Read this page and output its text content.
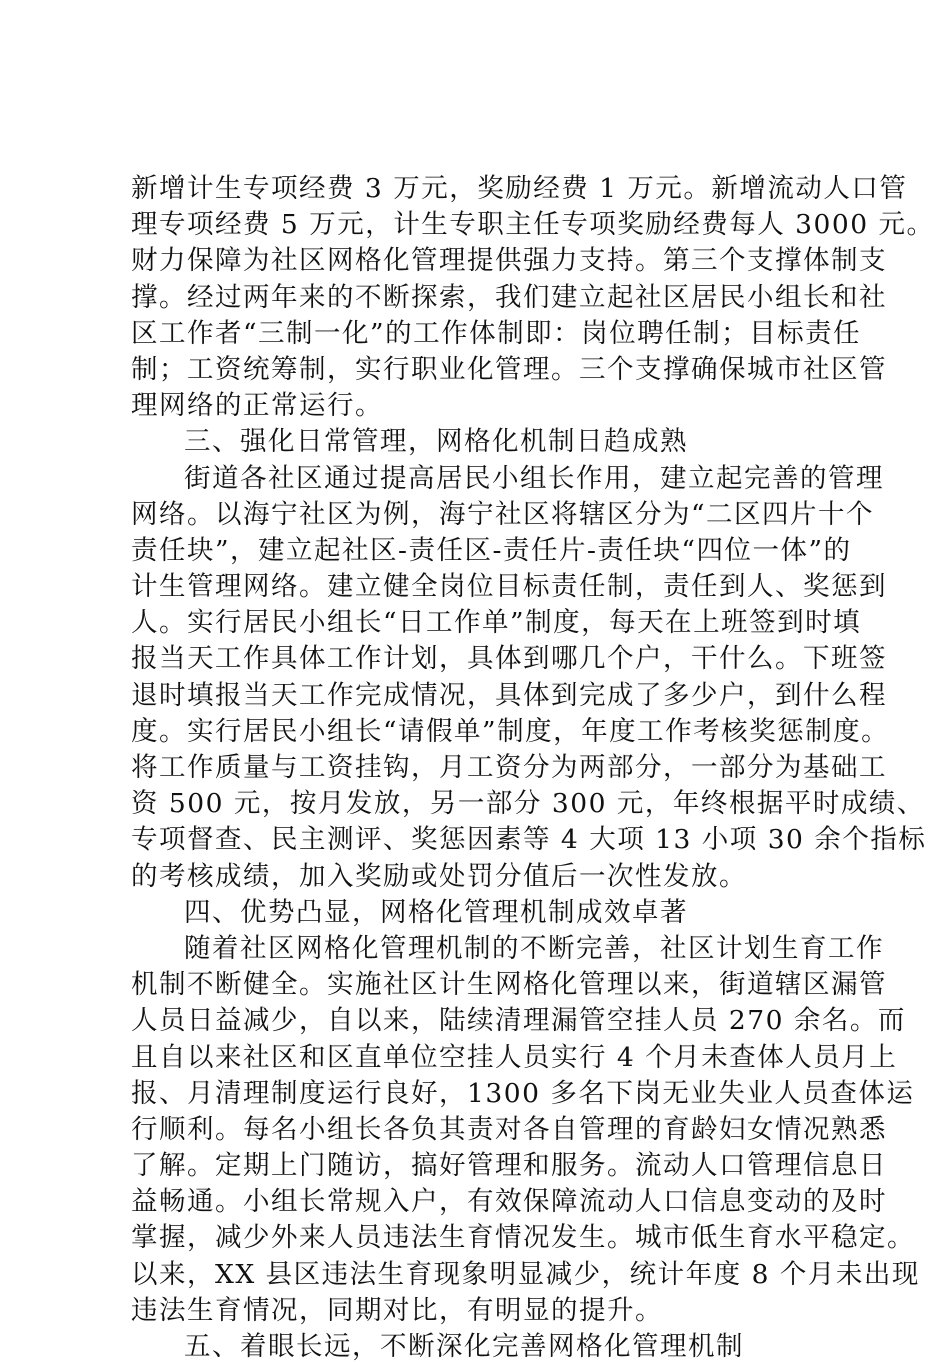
新增计生专项经费 3 万元，奖励经费 1 万元。新增流动人口管
理专项经费 5 万元，计生专职主任专项奖励经费每人 3000 元。
财力保障为社区网格化管理提供强力支持。第三个支撑体制支
撑。经过两年来的不断探索，我们建立起社区居民小组长和社
区工作者“三制一化”的工作体制即：岗位聘任制；目标责任
制；工资统筹制，实行职业化管理。三个支撑确保城市社区管
理网络的正常运行。
三、强化日常管理，网格化机制日趋成熟
街道各社区通过提高居民小组长作用，建立起完善的管理
网络。以海宁社区为例，海宁社区将辖区分为“二区四片十个
责任块”，建立起社区-责任区-责任片-责任块“四位一体”的
计生管理网络。建立健全岗位目标责任制，责任到人、奖惩到
人。实行居民小组长“日工作单”制度，每天在上班签到时填
报当天工作具体工作计划，具体到哪几个户，干什么。下班签
退时填报当天工作完成情况，具体到完成了多少户，到什么程
度。实行居民小组长“请假单”制度，年度工作考核奖惩制度。
将工作质量与工资挂钩，月工资分为两部分，一部分为基础工
资 500 元，按月发放，另一部分 300 元，年终根据平时成绩、
专项督查、民主测评、奖惩因素等 4 大项 13 小项 30 余个指标
的考核成绩，加入奖励或处罚分值后一次性发放。
四、优势凸显，网格化管理机制成效卓著
随着社区网格化管理机制的不断完善，社区计划生育工作
机制不断健全。实施社区计生网格化管理以来，街道辖区漏管
人员日益减少，自以来，陆续清理漏管空挂人员 270 余名。而
且自以来社区和区直单位空挂人员实行 4 个月未查体人员月上
报、月清理制度运行良好，1300 多名下岗无业失业人员查体运
行顺利。每名小组长各负其责对各自管理的育龄妇女情况熟悉
了解。定期上门随访，搞好管理和服务。流动人口管理信息日
益畅通。小组长常规入户，有效保障流动人口信息变动的及时
掌握，减少外来人员违法生育情况发生。城市低生育水平稳定。
以来，XX 县区违法生育现象明显减少，统计年度 8 个月未出现
违法生育情况，同期对比，有明显的提升。
五、着眼长远，不断深化完善网格化管理机制
